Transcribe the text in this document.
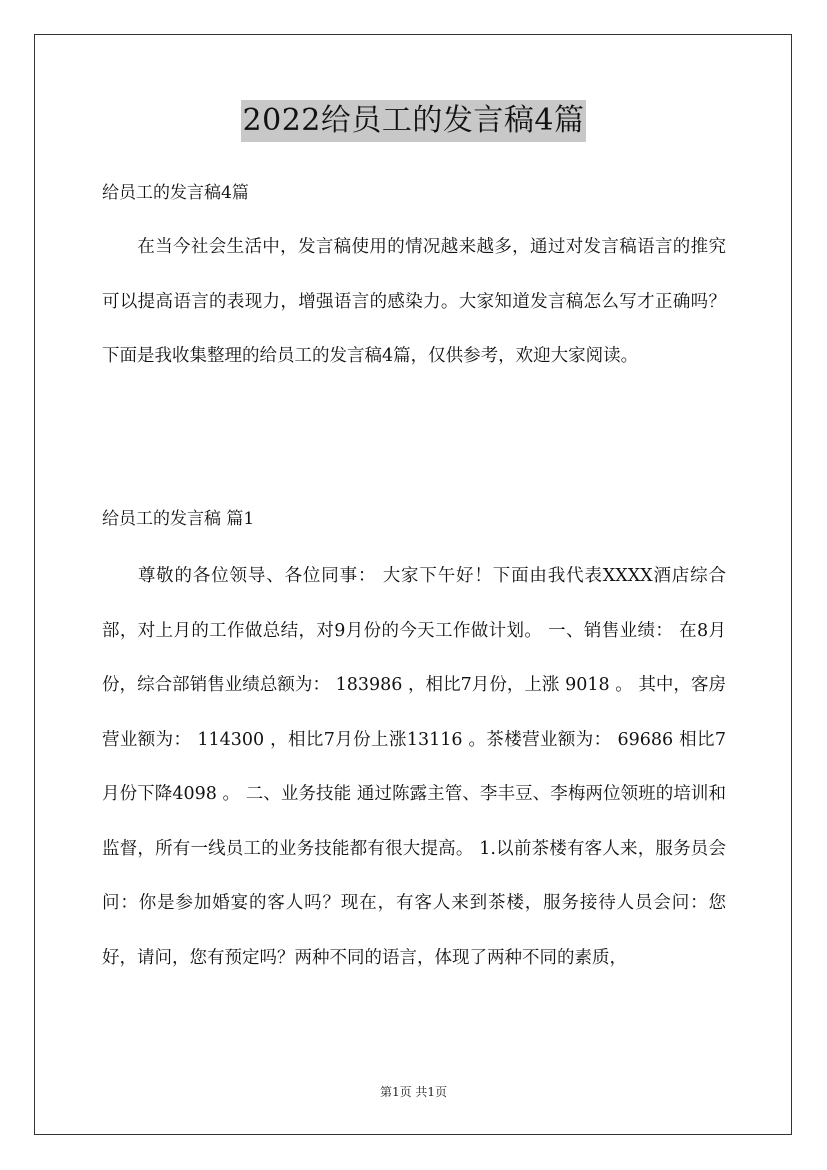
2022给员工的发言稿4篇
给员工的发言稿4篇

在当今社会生活中，发言稿使用的情况越来越多，通过对发言稿语言的推究可以提高语言的表现力，增强语言的感染力。大家知道发言稿怎么写才正确吗？下面是我收集整理的给员工的发言稿4篇，仅供参考，欢迎大家阅读。

给员工的发言稿 篇1

尊敬的各位领导、各位同事： 大家下午好！下面由我代表XXXX酒店综合部，对上月的工作做总结，对9月份的今天工作做计划。 一、销售业绩： 在8月份，综合部销售业绩总额为： 183986 ，相比7月份，上涨 9018 。 其中，客房营业额为： 114300 ，相比7月份上涨13116 。茶楼营业额为： 69686 相比7月份下降4098 。 二、业务技能 通过陈露主管、李丰豆、李梅两位领班的培训和监督，所有一线员工的业务技能都有很大提高。 1.以前茶楼有客人来，服务员会问：你是参加婚宴的客人吗？现在，有客人来到茶楼，服务接待人员会问：您好，请问，您有预定吗？两种不同的语言，体现了两种不同的素质，

第1页 共1页
